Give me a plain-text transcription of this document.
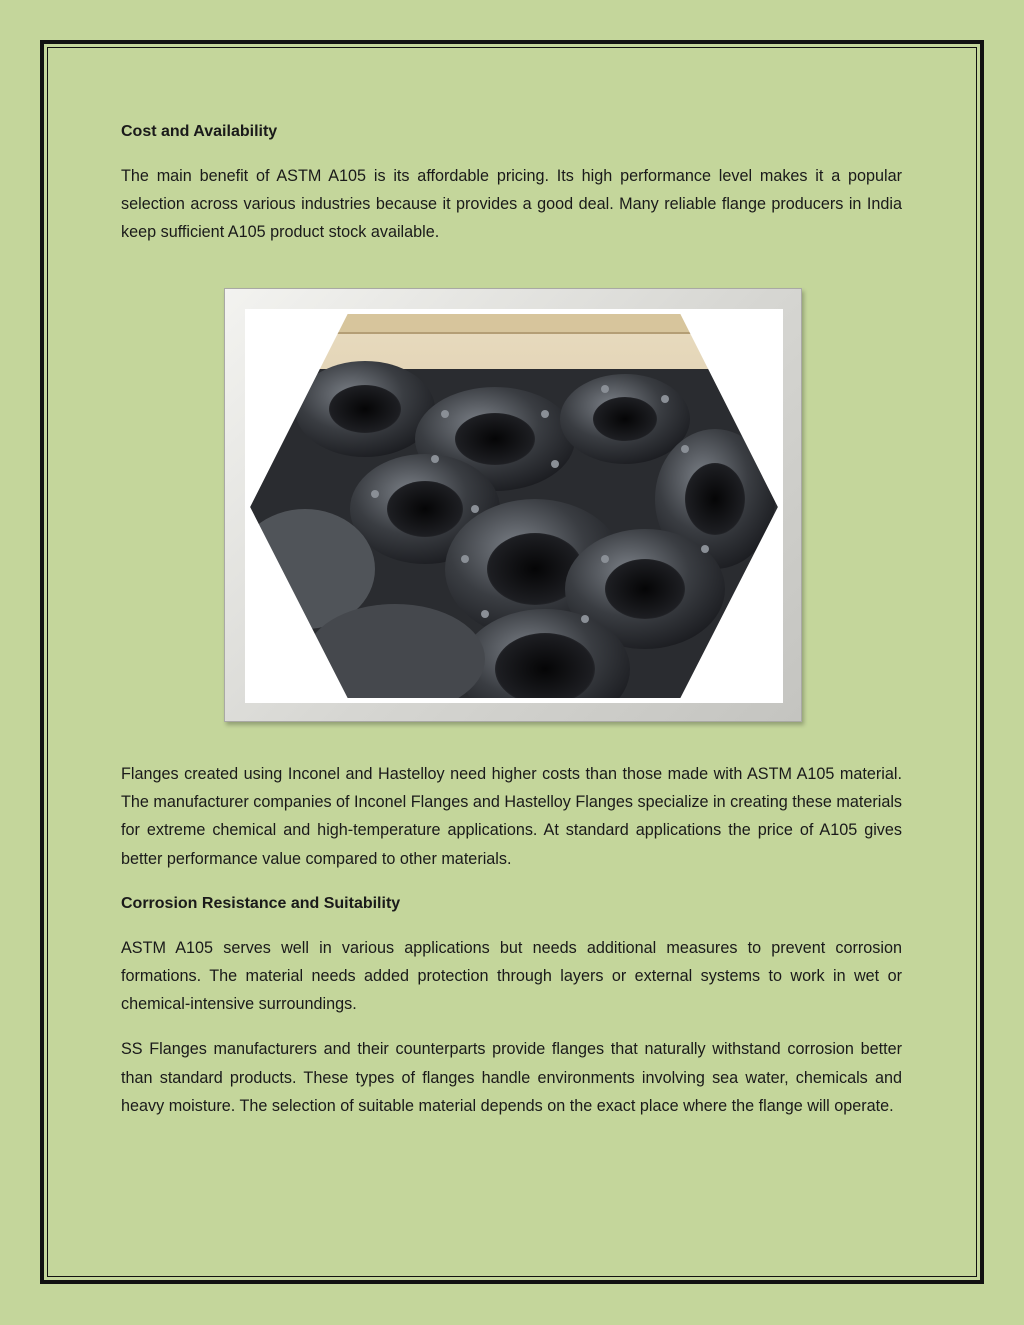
Cost and Availability

The main benefit of ASTM A105 is its affordable pricing. Its high performance level makes it a popular selection across various industries because it provides a good deal. Many reliable flange producers in India keep sufficient A105 product stock available.

Flanges created using Inconel and Hastelloy need higher costs than those made with ASTM A105 material. The manufacturer companies of Inconel Flanges and Hastelloy Flanges specialize in creating these materials for extreme chemical and high-temperature applications. At standard applications the price of A105 gives better performance value compared to other materials.

Corrosion Resistance and Suitability

ASTM A105 serves well in various applications but needs additional measures to prevent corrosion formations. The material needs added protection through layers or external systems to work in wet or chemical-intensive surroundings.

SS Flanges manufacturers and their counterparts provide flanges that naturally withstand corrosion better than standard products. These types of flanges handle environments involving sea water, chemicals and heavy moisture. The selection of suitable material depends on the exact place where the flange will operate.
